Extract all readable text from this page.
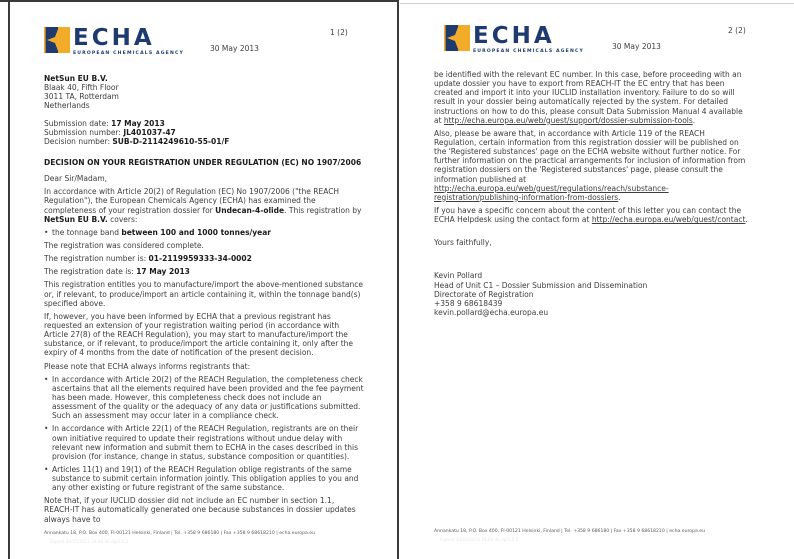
ECHA
EUROPEAN CHEMICALS AGENCY
30 May 2013
1 (2)
NetSun EU B.V.
Blaak 40, Fifth Floor
3011 TA, Rotterdam
Netherlands
Submission date: 17 May 2013
Submission number: JL401037-47
Decision number: SUB-D-2114249610-55-01/F
DECISION ON YOUR REGISTRATION UNDER REGULATION (EC) NO 1907/2006
Dear Sir/Madam,
In accordance with Article 20(2) of Regulation (EC) No 1907/2006 ("the REACH Regulation"), the European Chemicals Agency (ECHA) has examined the completeness of your registration dossier for Undecan-4-olide. This registration by NetSun EU B.V. covers:
•
the tonnage band between 100 and 1000 tonnes/year
The registration was considered complete.
The registration number is: 01-2119959333-34-0002
The registration date is: 17 May 2013
This registration entitles you to manufacture/import the above-mentioned substance or, if relevant, to produce/import an article containing it, within the tonnage band(s) specified above.
If, however, you have been informed by ECHA that a previous registrant has requested an extension of your registration waiting period (in accordance with Article 27(8) of the REACH Regulation), you may start to manufacture/import the substance, or if relevant, to produce/import the article containing it, only after the expiry of 4 months from the date of notification of the present decision.
Please note that ECHA always informs registrants that:
•
In accordance with Article 20(2) of the REACH Regulation, the completeness check ascertains that all the elements required have been provided and the fee payment has been made. However, this completeness check does not include an assessment of the quality or the adequacy of any data or justifications submitted. Such an assessment may occur later in a compliance check.
•
In accordance with Article 22(1) of the REACH Regulation, registrants are on their own initiative required to update their registrations without undue delay with relevant new information and submit them to ECHA in the cases described in this provision (for instance, change in status, substance composition or quantities).
•
Articles 11(1) and 19(1) of the REACH Regulation oblige registrants of the same substance to submit certain information jointly. This obligation applies to you and any other existing or future registrant of the same substance.
Note that, if your IUCLID dossier did not include an EC number in section 1.1, REACH-IT has automatically generated one because substances in dossier updates always have to
Annankatu 18, P.O. Box 400, FI-00121 Helsinki, Finland | Tel. +358 9 686180 | Fax +358 9 68618210 | echa.europa.eu
Signed 30/05/2013 18.04.46 dg/1.5.2
ECHA
EUROPEAN CHEMICALS AGENCY
30 May 2013
2 (2)
be identified with the relevant EC number. In this case, before proceeding with an update dossier you have to export from REACH-IT the EC entry that has been created and import it into your IUCLID installation inventory. Failure to do so will result in your dossier being automatically rejected by the system. For detailed instructions on how to do this, please consult Data Submission Manual 4 available at http://echa.europa.eu/web/guest/support/dossier-submission-tools.
Also, please be aware that, in accordance with Article 119 of the REACH Regulation, certain information from this registration dossier will be published on the 'Registered substances' page on the ECHA website without further notice. For further information on the practical arrangements for inclusion of information from registration dossiers on the 'Registered substances' page, please consult the information published at http://echa.europa.eu/web/guest/regulations/reach/substance-registration/publishing-information-from-dossiers.
If you have a specific concern about the content of this letter you can contact the ECHA Helpdesk using the contact form at http://echa.europa.eu/web/guest/contact.
Yours faithfully,
Kevin Pollard
Head of Unit C1 – Dossier Submission and Dissemination
Directorate of Registration
+358 9 68618439
kevin.pollard@echa.europa.eu
Annankatu 18, P.O. Box 400, FI-00121 Helsinki, Finland | Tel. +358 9 686180 | Fax +358 9 68618210 | echa.europa.eu
Signed 30/05/2013 18.04.46 dg/1.5.2
